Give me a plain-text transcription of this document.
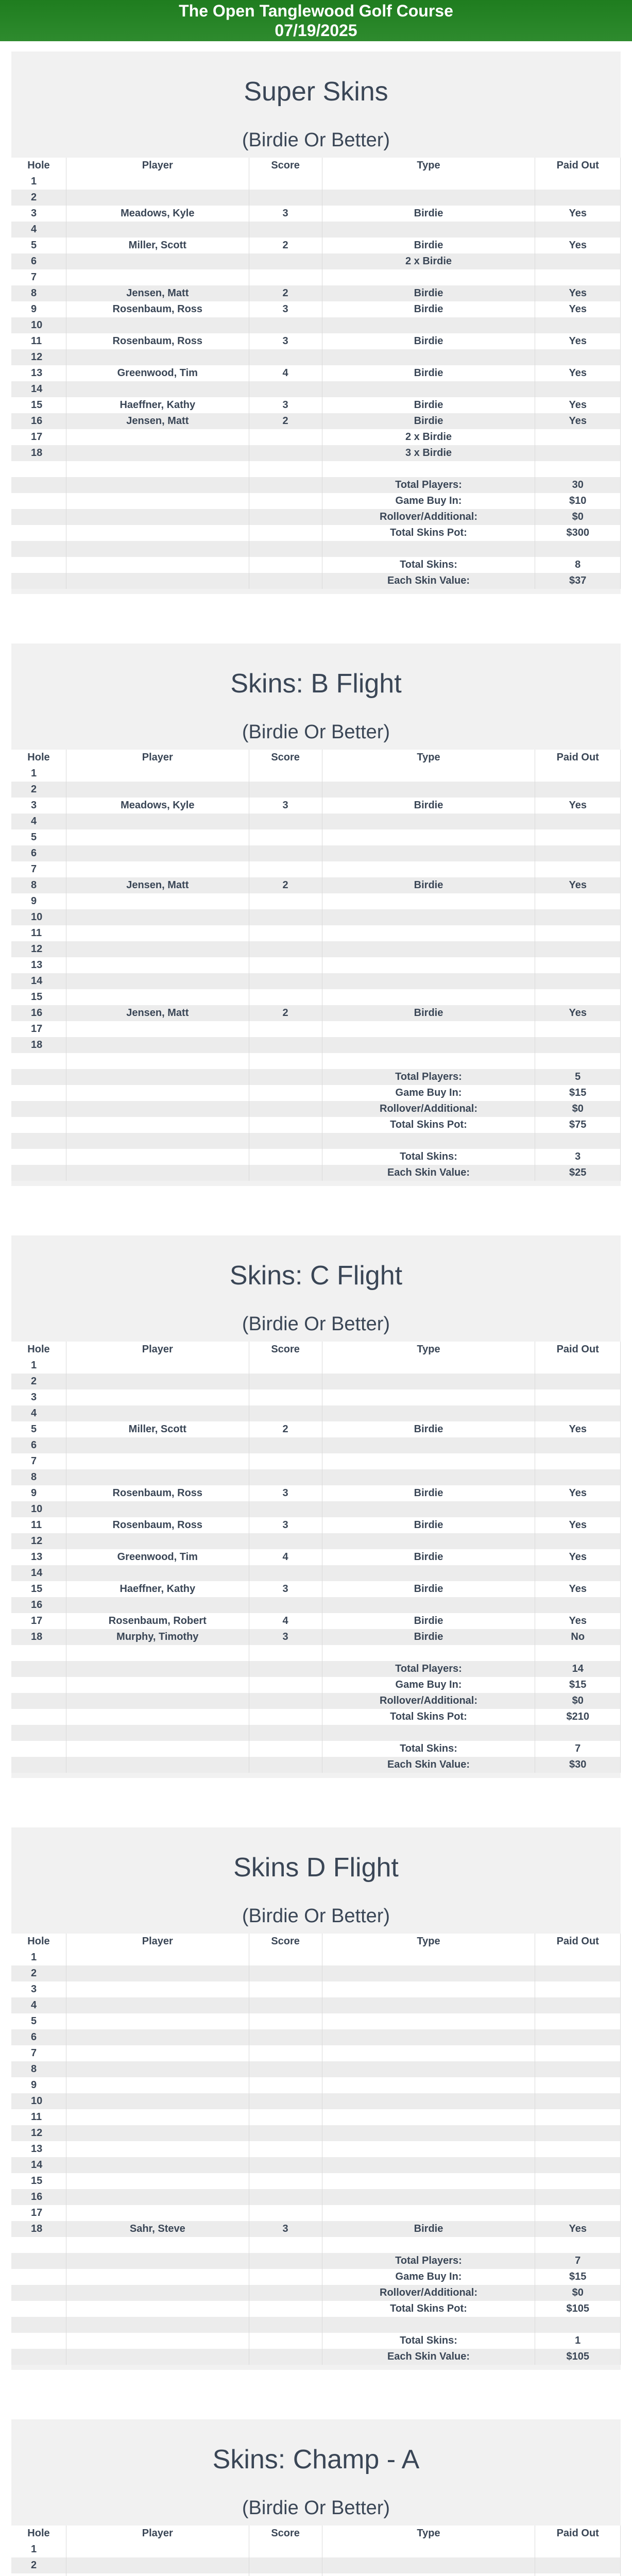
The Open Tanglewood Golf Course
07/19/2025
Super Skins
(Birdie Or Better)
Hole	Player	Score	Type	Paid Out
1				
2				
3	Meadows, Kyle	3	Birdie	Yes
4				
5	Miller, Scott	2	Birdie	Yes
6			2 x Birdie	
7				
8	Jensen, Matt	2	Birdie	Yes
9	Rosenbaum, Ross	3	Birdie	Yes
10				
11	Rosenbaum, Ross	3	Birdie	Yes
12				
13	Greenwood, Tim	4	Birdie	Yes
14				
15	Haeffner, Kathy	3	Birdie	Yes
16	Jensen, Matt	2	Birdie	Yes
17			2 x Birdie	
18			3 x Birdie	

			Total Players:	30
			Game Buy In:	$10
			Rollover/Additional:	$0
			Total Skins Pot:	$300

			Total Skins:	8
			Each Skin Value:	$37
Skins: B Flight
(Birdie Or Better)
Hole	Player	Score	Type	Paid Out
1				
2				
3	Meadows, Kyle	3	Birdie	Yes
4				
5				
6				
7				
8	Jensen, Matt	2	Birdie	Yes
9				
10				
11				
12				
13				
14				
15				
16	Jensen, Matt	2	Birdie	Yes
17				
18				

			Total Players:	5
			Game Buy In:	$15
			Rollover/Additional:	$0
			Total Skins Pot:	$75

			Total Skins:	3
			Each Skin Value:	$25
Skins: C Flight
(Birdie Or Better)
Hole	Player	Score	Type	Paid Out
1				
2				
3				
4				
5	Miller, Scott	2	Birdie	Yes
6				
7				
8				
9	Rosenbaum, Ross	3	Birdie	Yes
10				
11	Rosenbaum, Ross	3	Birdie	Yes
12				
13	Greenwood, Tim	4	Birdie	Yes
14				
15	Haeffner, Kathy	3	Birdie	Yes
16				
17	Rosenbaum, Robert	4	Birdie	Yes
18	Murphy, Timothy	3	Birdie	No

			Total Players:	14
			Game Buy In:	$15
			Rollover/Additional:	$0
			Total Skins Pot:	$210

			Total Skins:	7
			Each Skin Value:	$30
Skins D Flight
(Birdie Or Better)
Hole	Player	Score	Type	Paid Out
1				
2				
3				
4				
5				
6				
7				
8				
9				
10				
11				
12				
13				
14				
15				
16				
17				
18	Sahr, Steve	3	Birdie	Yes

			Total Players:	7
			Game Buy In:	$15
			Rollover/Additional:	$0
			Total Skins Pot:	$105

			Total Skins:	1
			Each Skin Value:	$105
Skins: Champ - A
(Birdie Or Better)
Hole	Player	Score	Type	Paid Out
1				
2				
